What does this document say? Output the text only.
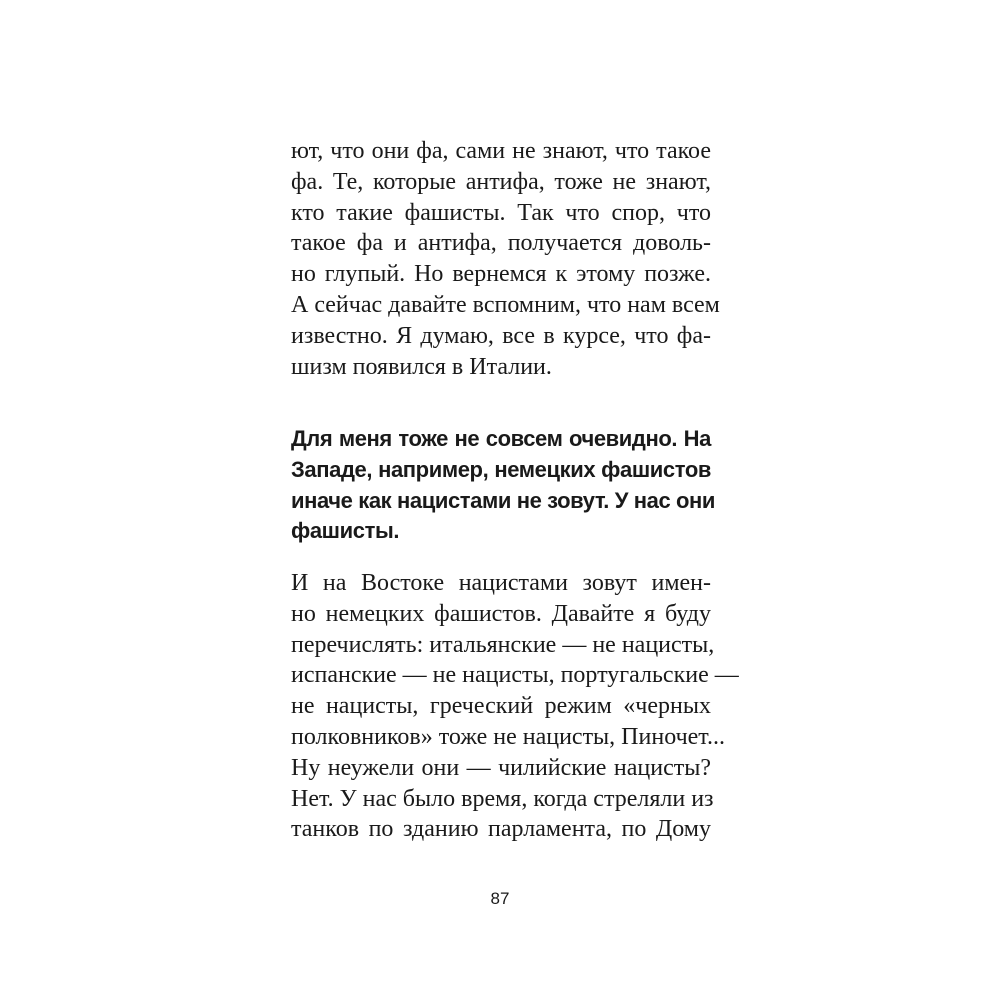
ют, что они фа, сами не знают, что такое
фа. Те, которые антифа, тоже не знают,
кто такие фашисты. Так что спор, что
такое фа и антифа, получается доволь-
но глупый. Но вернемся к этому позже.
А сейчас давайте вспомним, что нам всем
известно. Я думаю, все в курсе, что фа-
шизм появился в Италии.
Для меня тоже не совсем очевидно. На
Западе, например, немецких фашистов
иначе как нацистами не зовут. У нас они
фашисты.
И на Востоке нацистами зовут имен-
но немецких фашистов. Давайте я буду
перечислять: итальянские — не нацисты,
испанские — не нацисты, португальские —
не нацисты, греческий режим «черных
полковников» тоже не нацисты, Пиночет...
Ну неужели они — чилийские нацисты?
Нет. У нас было время, когда стреляли из
танков по зданию парламента, по Дому
87
